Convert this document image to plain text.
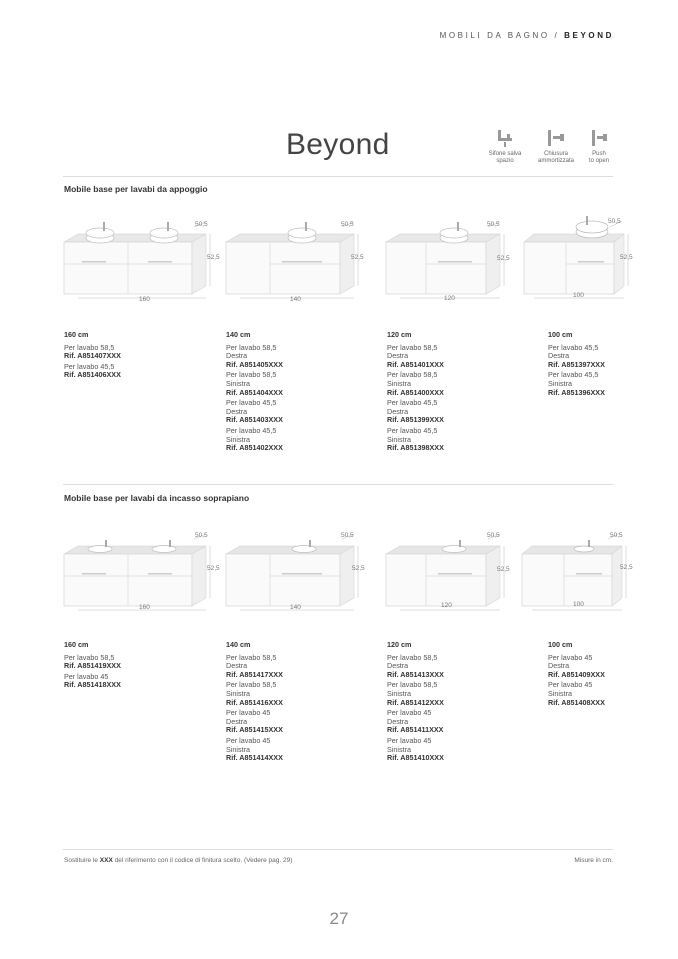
MOBILI DA BAGNO / BEYOND
Beyond	Sifone salva
spazio
Chiusura
ammortizzata
Push
to open
Mobile base per lavabi da appoggio
50,5
52,5
160
50,5
52,5
140
50,5
52,5
120
50,5
52,5
100
160 cm
Per lavabo 58,5
Rif. A851407XXX
Per lavabo 45,5
Rif. A851406XXX
140 cm
Per lavabo 58,5
Destra
Rif. A851405XXX
Per lavabo 58,5
Sinistra
Rif. A851404XXX
Per lavabo 45,5
Destra
Rif. A851403XXX
Per lavabo 45,5
Sinistra
Rif. A851402XXX
120 cm
Per lavabo 58,5
Destra
Rif. A851401XXX
Per lavabo 58,5
Sinistra
Rif. A851400XXX
Per lavabo 45,5
Destra
Rif. A851399XXX
Per lavabo 45,5
Sinistra
Rif. A851398XXX
100 cm
Per lavabo 45,5
Destra
Rif. A851397XXX
Per lavabo 45,5
Sinistra
Rif. A851396XXX
Mobile base per lavabi da incasso soprapiano
50,5
52,5
160
50,5
52,5
140
50,5
52,5
120
50,5
52,5
100
160 cm
Per lavabo 58,5
Rif. A851419XXX
Per lavabo 45
Rif. A851418XXX
140 cm
Per lavabo 58,5
Destra
Rif. A851417XXX
Per lavabo 58,5
Sinistra
Rif. A851416XXX
Per lavabo 45
Destra
Rif. A851415XXX
Per lavabo 45
Sinistra
Rif. A851414XXX
120 cm
Per lavabo 58,5
Destra
Rif. A851413XXX
Per lavabo 58,5
Sinistra
Rif. A851412XXX
Per lavabo 45
Destra
Rif. A851411XXX
Per lavabo 45
Sinistra
Rif. A851410XXX
100 cm
Per lavabo 45
Destra
Rif. A851409XXX
Per lavabo 45
Sinistra
Rif. A851408XXX
Sostituire le XXX del riferimento con il codice di finitura scelto. (Vedere pag. 29)	Misure in cm.
27
